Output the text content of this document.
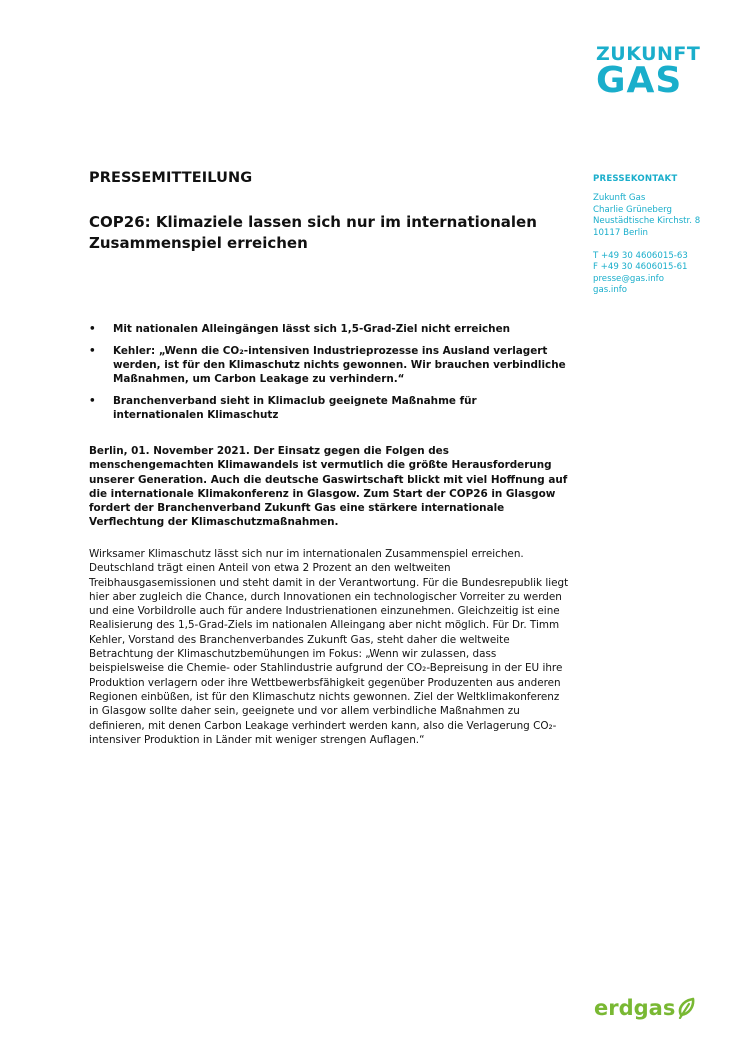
ZUKUNFT
GAS
PRESSEKONTAKT
Zukunft Gas
Charlie Grüneberg
Neustädtische Kirchstr. 8
10117 Berlin
T +49 30 4606015-63
F +49 30 4606015-61
presse@gas.info
gas.info

PRESSEMITTEILUNG

COP26: Klimaziele lassen sich nur im internationalen Zusammenspiel erreichen

• Mit nationalen Alleingängen lässt sich 1,5-Grad-Ziel nicht erreichen
• Kehler: „Wenn die CO₂-intensiven Industrieprozesse ins Ausland verlagert werden, ist für den Klimaschutz nichts gewonnen. Wir brauchen verbindliche Maßnahmen, um Carbon Leakage zu verhindern.“
• Branchenverband sieht in Klimaclub geeignete Maßnahme für internationalen Klimaschutz

Berlin, 01. November 2021. Der Einsatz gegen die Folgen des menschengemachten Klimawandels ist vermutlich die größte Herausforderung unserer Generation. Auch die deutsche Gaswirtschaft blickt mit viel Hoffnung auf die internationale Klimakonferenz in Glasgow. Zum Start der COP26 in Glasgow fordert der Branchenverband Zukunft Gas eine stärkere internationale Verflechtung der Klimaschutzmaßnahmen.

Wirksamer Klimaschutz lässt sich nur im internationalen Zusammenspiel erreichen. Deutschland trägt einen Anteil von etwa 2 Prozent an den weltweiten Treibhausgasemissionen und steht damit in der Verantwortung. Für die Bundesrepublik liegt hier aber zugleich die Chance, durch Innovationen ein technologischer Vorreiter zu werden und eine Vorbildrolle auch für andere Industrienationen einzunehmen. Gleichzeitig ist eine Realisierung des 1,5-Grad-Ziels im nationalen Alleingang aber nicht möglich. Für Dr. Timm Kehler, Vorstand des Branchenverbandes Zukunft Gas, steht daher die weltweite Betrachtung der Klimaschutzbemühungen im Fokus: „Wenn wir zulassen, dass beispielsweise die Chemie- oder Stahlindustrie aufgrund der CO₂-Bepreisung in der EU ihre Produktion verlagern oder ihre Wettbewerbsfähigkeit gegenüber Produzenten aus anderen Regionen einbüßen, ist für den Klimaschutz nichts gewonnen. Ziel der Weltklimakonferenz in Glasgow sollte daher sein, geeignete und vor allem verbindliche Maßnahmen zu definieren, mit denen Carbon Leakage verhindert werden kann, also die Verlagerung CO₂-intensiver Produktion in Länder mit weniger strengen Auflagen.“

erdgas
